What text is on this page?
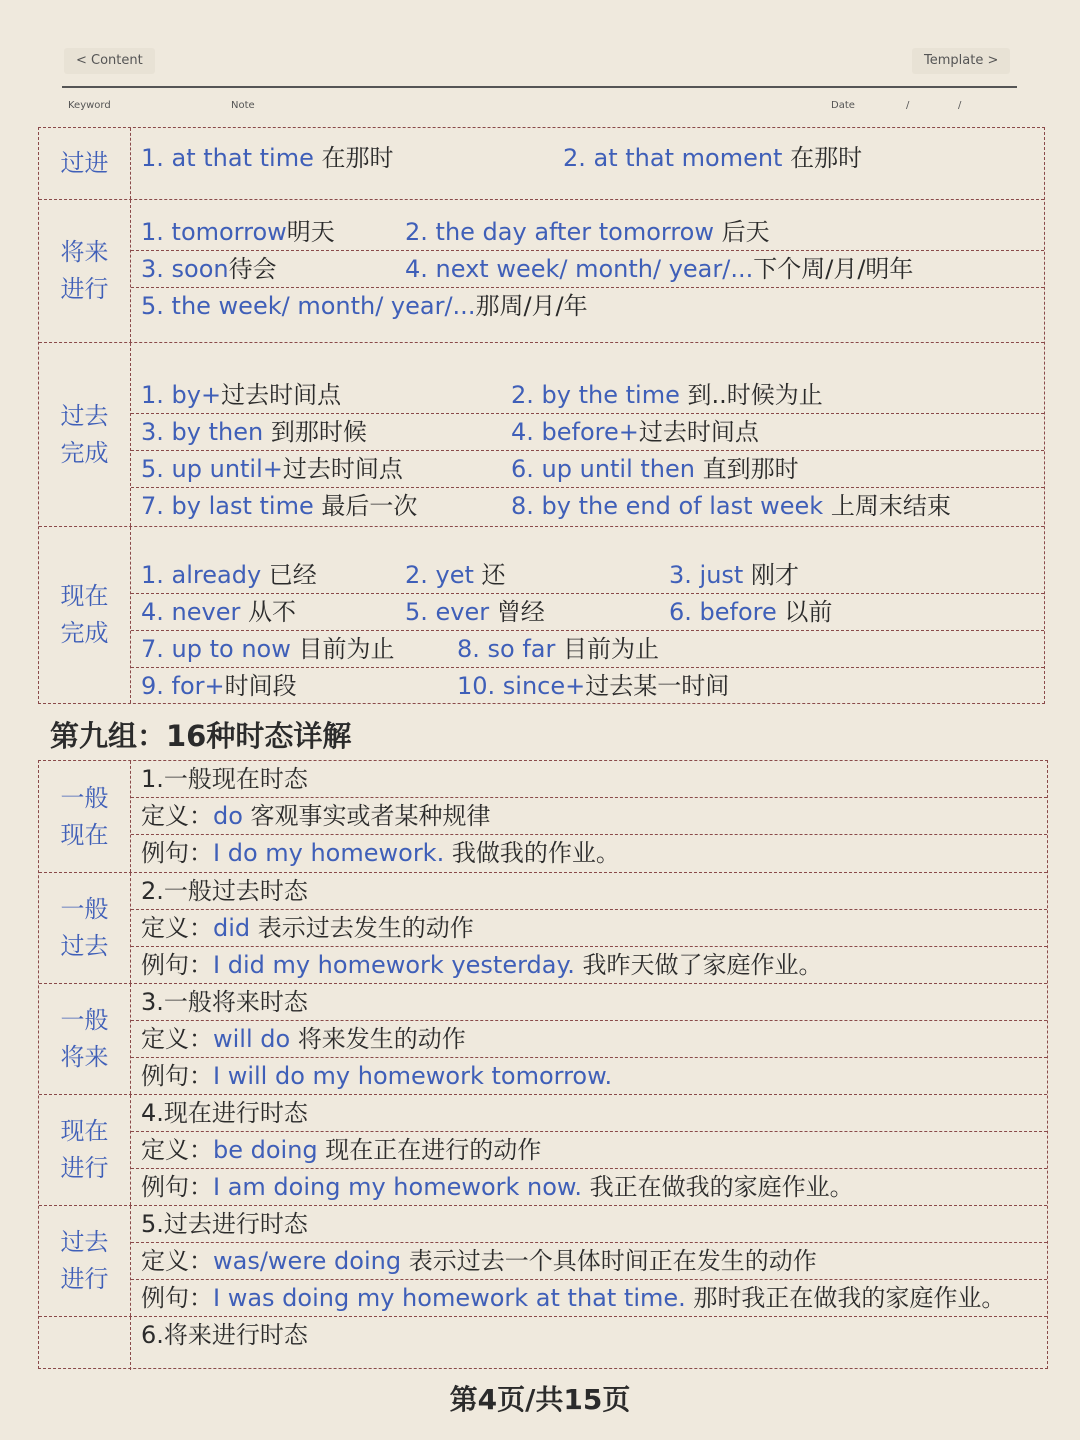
< Content	Template >
Keyword	Note	Date	/	/
过进	1. at that time 在那时	2. at that moment 在那时
将来
进行
1. tomorrow明天	2. the day after tomorrow 后天
3. soon待会	4. next week/ month/ year/...下个周/月/明年
5. the week/ month/ year/...那周/月/年
过去
完成
1. by+过去时间点	2. by the time 到..时候为止
3. by then 到那时候	4. before+过去时间点
5. up until+过去时间点	6. up until then 直到那时
7. by last time 最后一次	8. by the end of last week 上周末结束
现在
完成
1. already 已经	2. yet 还	3. just 刚才
4. never 从不	5. ever 曾经	6. before 以前
7. up to now 目前为止	8. so far 目前为止
9. for+时间段	10. since+过去某一时间
第九组：16种时态详解
一般
现在
1.一般现在时态
定义：do 客观事实或者某种规律
例句：I do my homework. 我做我的作业。
一般
过去
2.一般过去时态
定义：did 表示过去发生的动作
例句：I did my homework yesterday. 我昨天做了家庭作业。
一般
将来
3.一般将来时态
定义：will do 将来发生的动作
例句：I will do my homework tomorrow.
现在
进行
4.现在进行时态
定义：be doing 现在正在进行的动作
例句：I am doing my homework now. 我正在做我的家庭作业。
过去
进行
5.过去进行时态
定义：was/were doing 表示过去一个具体时间正在发生的动作
例句：I was doing my homework at that time. 那时我正在做我的家庭作业。
6.将来进行时态
第4页/共15页
